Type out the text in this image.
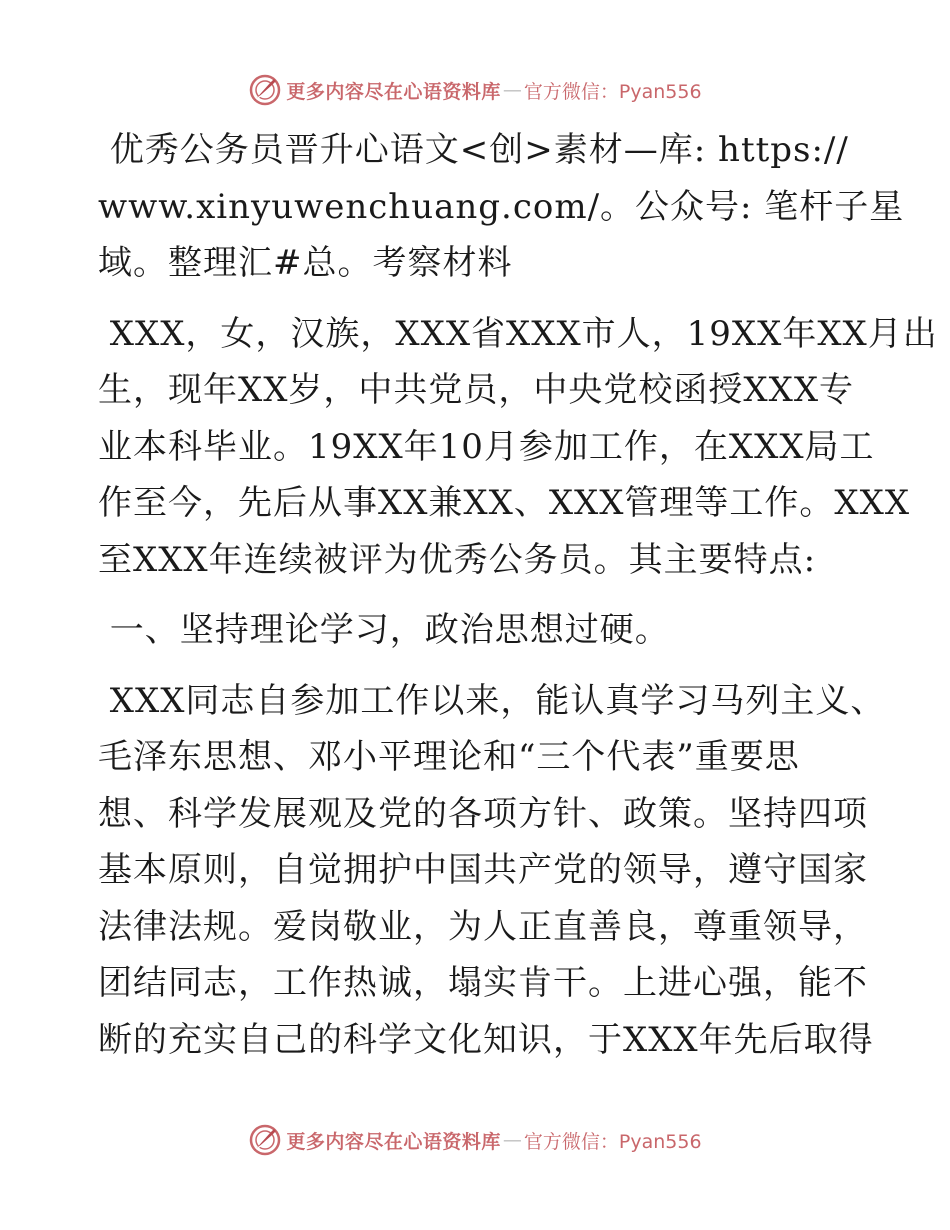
更多内容尽在心语资料库 — 官方微信：Pyan556
优秀公务员晋升心语文<创>素材—库: https://
www.xinyuwenchuang.com/。公众号: 笔杆子星
域。整理汇#总。考察材料
XXX，女，汉族，XXX省XXX市人，19XX年XX月出
生，现年XX岁，中共党员，中央党校函授XXX专
业本科毕业。19XX年10月参加工作，在XXX局工
作至今，先后从事XX兼XX、XXX管理等工作。XXX
至XXX年连续被评为优秀公务员。其主要特点:
一、坚持理论学习，政治思想过硬。
XXX同志自参加工作以来，能认真学习马列主义、
毛泽东思想、邓小平理论和“三个代表”重要思
想、科学发展观及党的各项方针、政策。坚持四项
基本原则，自觉拥护中国共产党的领导，遵守国家
法律法规。爱岗敬业，为人正直善良，尊重领导，
团结同志，工作热诚，塌实肯干。上进心强，能不
断的充实自己的科学文化知识，于XXX年先后取得
更多内容尽在心语资料库 — 官方微信：Pyan556
